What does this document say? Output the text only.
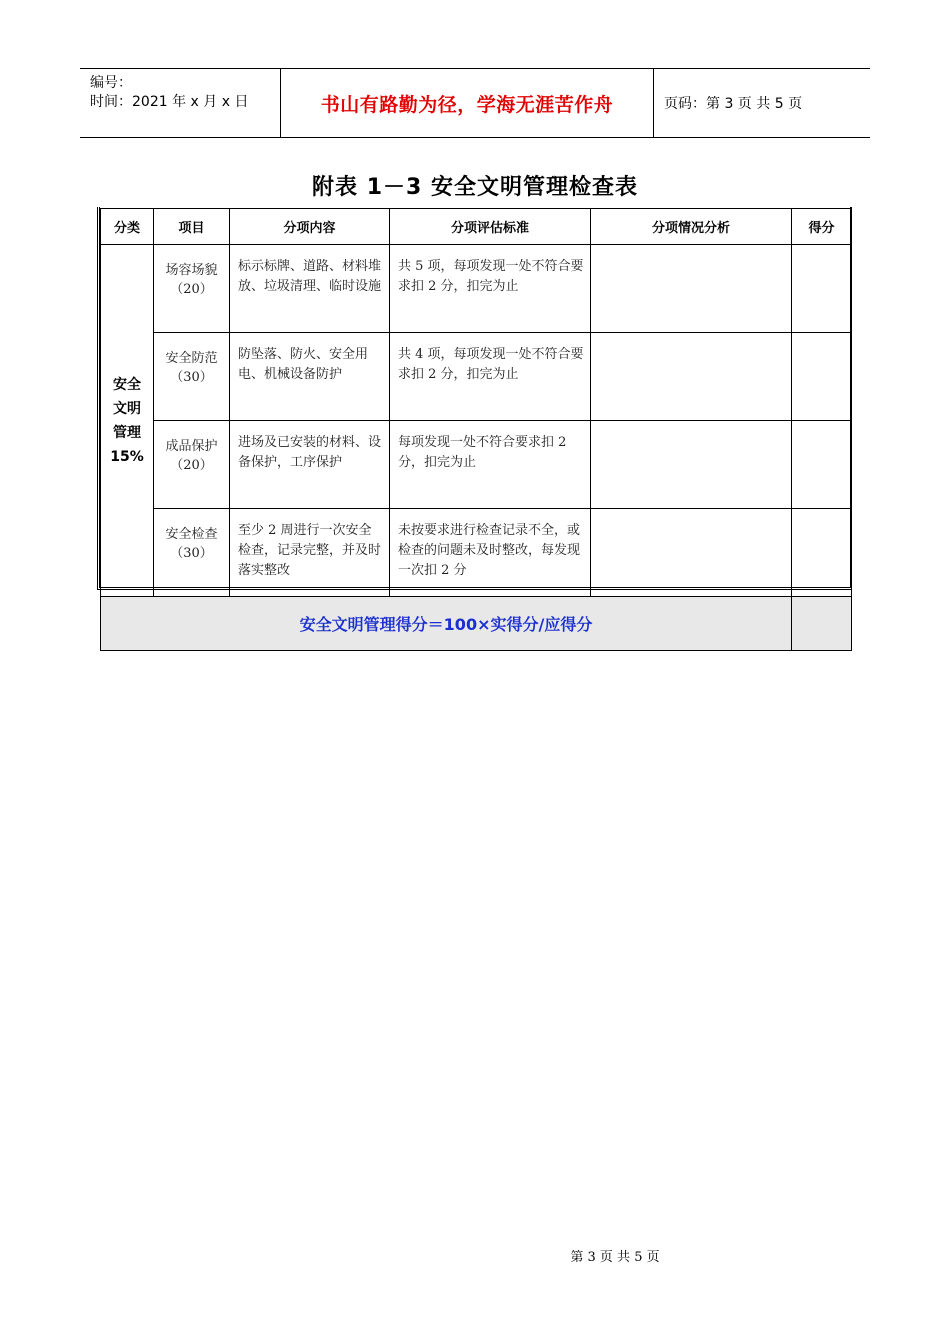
编号：
时间：2021 年 x 月 x 日	书山有路勤为径，学海无涯苦作舟	页码：第 3 页 共 5 页
附表 1－3 安全文明管理检查表
分类	项目	分项内容	分项评估标准	分项情况分析	得分

安全文明管理 15%	场容场貌（20）	标示标牌、道路、材料堆放、垃圾清理、临时设施	共 5 项，每项发现一处不符合要求扣 2 分，扣完为止		
	安全防范（30）	防坠落、防火、安全用电、机械设备防护	共 4 项，每项发现一处不符合要求扣 2 分，扣完为止		
	成品保护（20）	进场及已安装的材料、设备保护，工序保护	每项发现一处不符合要求扣 2 分，扣完为止		
	安全检查（30）	至少 2 周进行一次安全检查，记录完整，并及时落实整改	未按要求进行检查记录不全，或检查的问题未及时整改，每发现一次扣 2 分		

安全文明管理得分＝100×实得分/应得分					

第 3 页 共 5 页
